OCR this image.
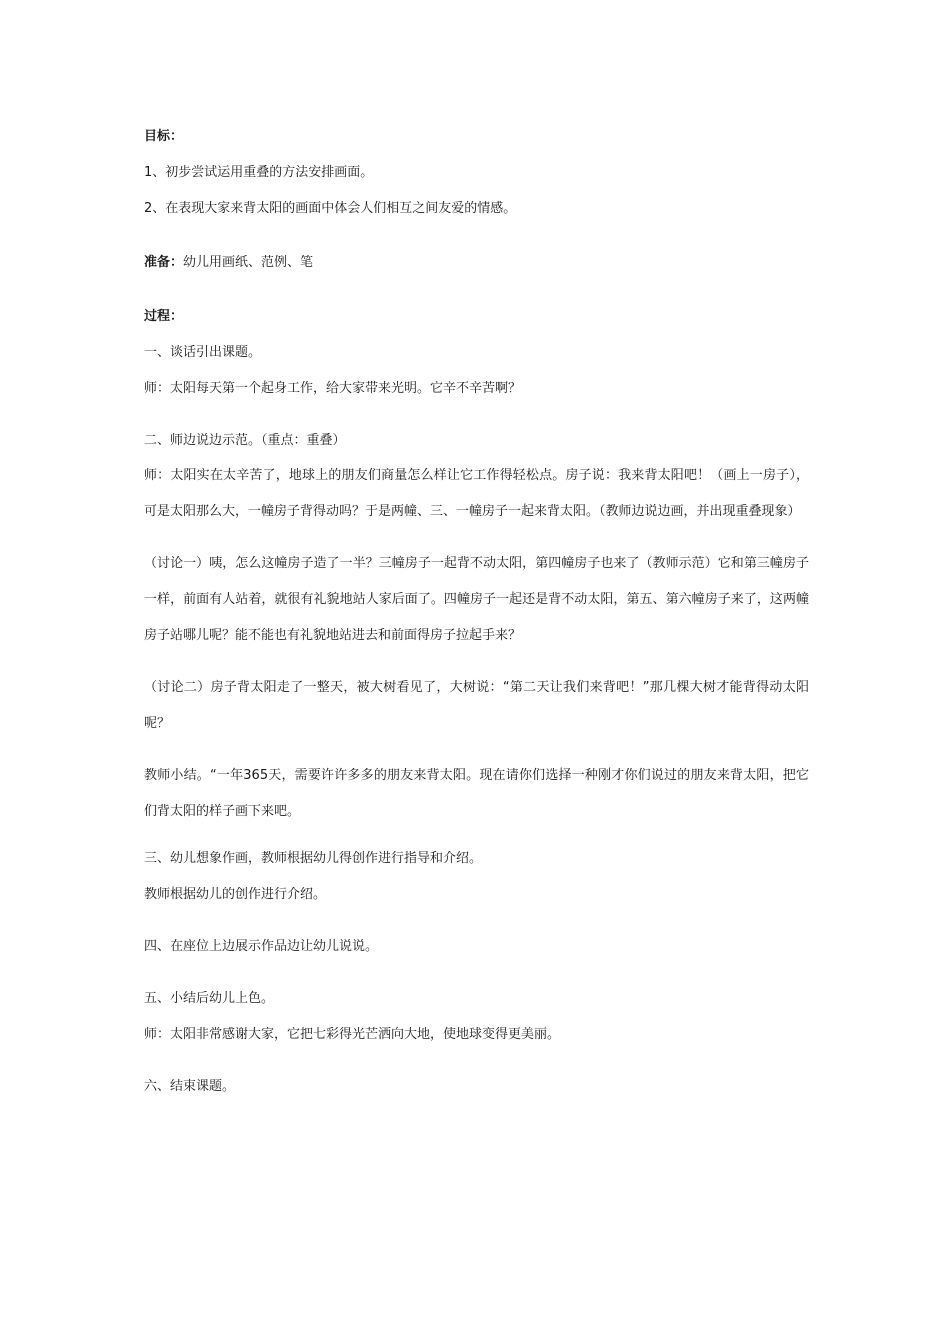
目标：
1、初步尝试运用重叠的方法安排画面。
2、在表现大家来背太阳的画面中体会人们相互之间友爱的情感。
准备：幼儿用画纸、范例、笔
过程：
一、谈话引出课题。
师：太阳每天第一个起身工作，给大家带来光明。它辛不辛苦啊？
二、师边说边示范。（重点：重叠）
师：太阳实在太辛苦了，地球上的朋友们商量怎么样让它工作得轻松点。房子说：我来背太阳吧！（画上一房子），可是太阳那么大，一幢房子背得动吗？于是两幢、三、一幢房子一起来背太阳。（教师边说边画，并出现重叠现象）
（讨论一）咦，怎么这幢房子造了一半？三幢房子一起背不动太阳，第四幢房子也来了（教师示范）它和第三幢房子一样，前面有人站着，就很有礼貌地站人家后面了。四幢房子一起还是背不动太阳，第五、第六幢房子来了，这两幢房子站哪儿呢？能不能也有礼貌地站进去和前面得房子拉起手来？
（讨论二）房子背太阳走了一整天，被大树看见了，大树说：“第二天让我们来背吧！”那几棵大树才能背得动太阳呢？
教师小结。“一年365天，需要许许多多的朋友来背太阳。现在请你们选择一种刚才你们说过的朋友来背太阳，把它们背太阳的样子画下来吧。
三、幼儿想象作画，教师根据幼儿得创作进行指导和介绍。
教师根据幼儿的创作进行介绍。
四、在座位上边展示作品边让幼儿说说。
五、小结后幼儿上色。
师：太阳非常感谢大家，它把七彩得光芒洒向大地，使地球变得更美丽。
六、结束课题。
